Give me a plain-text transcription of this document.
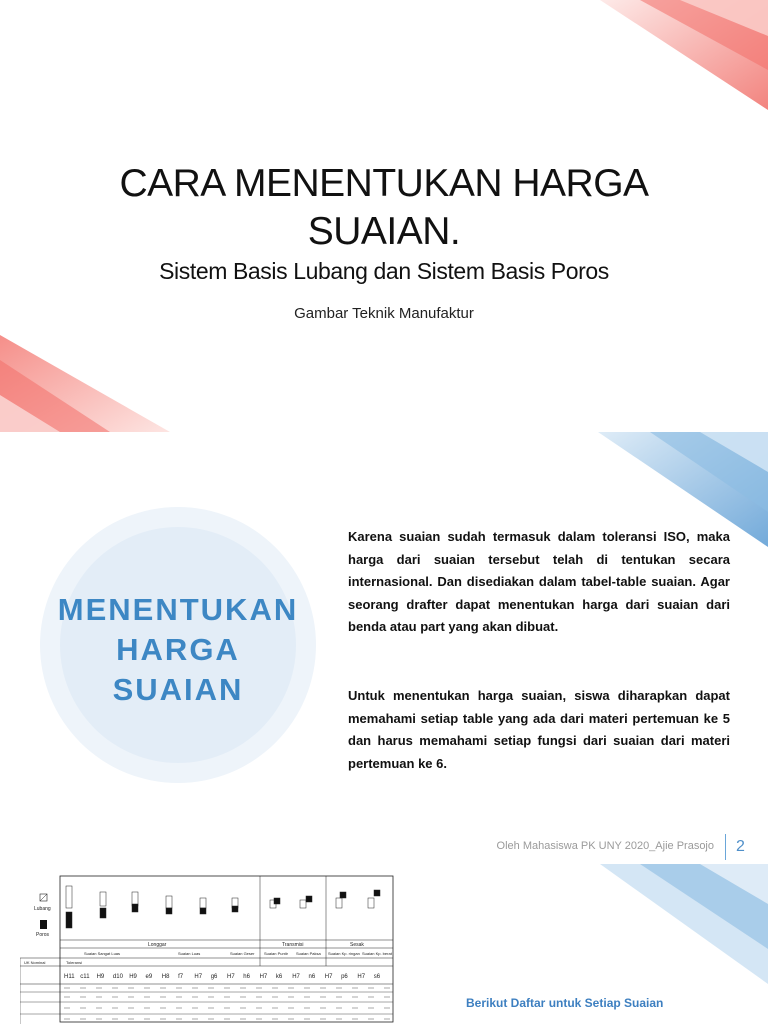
CARA MENENTUKAN HARGA
SUAIAN.
Sistem Basis Lubang dan Sistem Basis Poros
Gambar Teknik Manufaktur
MENENTUKAN
HARGA
SUAIAN
Karena suaian sudah termasuk dalam toleransi ISO, maka harga dari suaian tersebut telah di tentukan secara internasional. Dan disediakan dalam tabel-table suaian. Agar seorang drafter dapat menentukan harga dari suaian dari benda atau part yang akan dibuat.
Untuk menentukan harga suaian, siswa diharapkan dapat memahami setiap table yang ada dari materi pertemuan ke 5 dan harus memahami setiap fungsi dari suaian dari materi pertemuan ke 6.
Oleh Mahasiswa PK UNY 2020_Ajie Prasojo 2
Lubang
Poros
Longgar	Transmisi	Sesak
Suaian Sangat Luas	Suaian Luas	Suaian Geser Suaian Puntir Suaian Paksa Suaian Kp. ringan Suaian Kp. berat
UK Nominal	Toleransi
H11 c11 H9 d10 H9 e9 H8 f7 H7 g6 H7 h6 H7 k6 H7 n6 H7 p6 H7 s6
Berikut Daftar untuk Setiap Suaian
